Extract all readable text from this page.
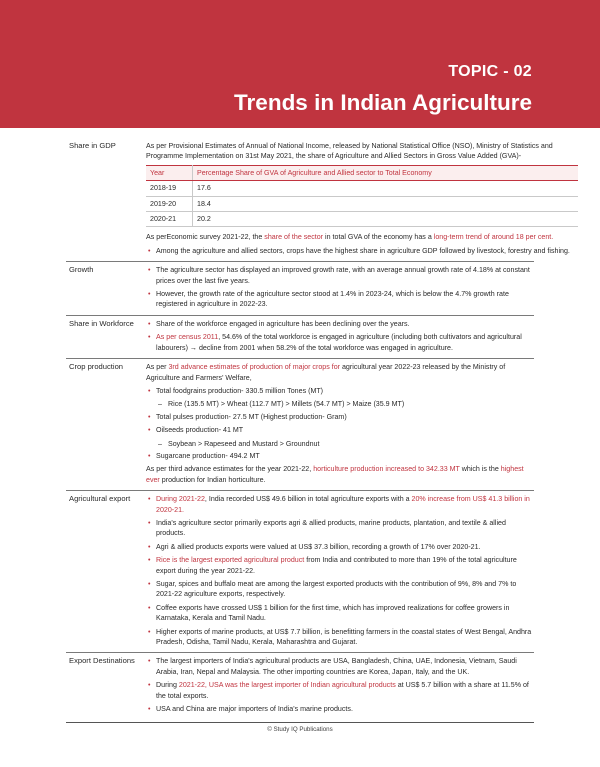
TOPIC - 02
Trends in Indian Agriculture
Share in GDP	As per Provisional Estimates of Annual of National Income, released by National Statistical Office (NSO), Ministry of Statistics and Programme Implementation on 31st May 2021, the share of Agriculture and Allied Sectors in Gross Value Added (GVA)-
Year	Percentage Share of GVA of Agriculture and Allied sector to Total Economy
2018-19	17.6
2019-20	18.4
2020-21	20.2
As perEconomic survey 2021-22, the share of the sector in total GVA of the economy has a long-term trend of around 18 per cent.
• Among the agriculture and allied sectors, crops have the highest share in agriculture GDP followed by livestock, forestry and fishing.
Growth	• The agriculture sector has displayed an improved growth rate, with an average annual growth rate of 4.18% at constant prices over the last five years.
• However, the growth rate of the agriculture sector stood at 1.4% in 2023-24, which is below the 4.7% growth rate registered in agriculture in 2022-23.
Share in Workforce	• Share of the workforce engaged in agriculture has been declining over the years.
• As per census 2011, 54.6% of the total workforce is engaged in agriculture (including both cultivators and agricultural labourers) → decline from 2001 when 58.2% of the total workforce was engaged in agriculture.
Crop production	As per 3rd advance estimates of production of major crops for agricultural year 2022-23 released by the Ministry of Agriculture and Farmers' Welfare,
• Total foodgrains production- 330.5 million Tones (MT)
– Rice (135.5 MT) > Wheat (112.7 MT) > Millets (54.7 MT) > Maize (35.9 MT)
• Total pulses production- 27.5 MT (Highest production- Gram)
• Oilseeds production- 41 MT
– Soybean > Rapeseed and Mustard > Groundnut
• Sugarcane production- 494.2 MT
As per third advance estimates for the year 2021-22, horticulture production increased to 342.33 MT which is the highest ever production for Indian horticulture.
Agricultural export	• During 2021-22, India recorded US$ 49.6 billion in total agriculture exports with a 20% increase from US$ 41.3 billion in 2020-21.
• India's agriculture sector primarily exports agri & allied products, marine products, plantation, and textile & allied products.
• Agri & allied products exports were valued at US$ 37.3 billion, recording a growth of 17% over 2020-21.
• Rice is the largest exported agricultural product from India and contributed to more than 19% of the total agriculture export during the year 2021-22.
• Sugar, spices and buffalo meat are among the largest exported products with the contribution of 9%, 8% and 7% to 2021-22 agriculture exports, respectively.
• Coffee exports have crossed US$ 1 billion for the first time, which has improved realizations for coffee growers in Karnataka, Kerala and Tamil Nadu.
• Higher exports of marine products, at US$ 7.7 billion, is benefitting farmers in the coastal states of West Bengal, Andhra Pradesh, Odisha, Tamil Nadu, Kerala, Maharashtra and Gujarat.
Export Destinations	• The largest importers of India's agricultural products are USA, Bangladesh, China, UAE, Indonesia, Vietnam, Saudi Arabia, Iran, Nepal and Malaysia. The other importing countries are Korea, Japan, Italy, and the UK.
• During 2021-22, USA was the largest importer of Indian agricultural products at US$ 5.7 billion with a share at 11.5% of the total exports.
• USA and China are major importers of India's marine products.
© Study IQ Publications
